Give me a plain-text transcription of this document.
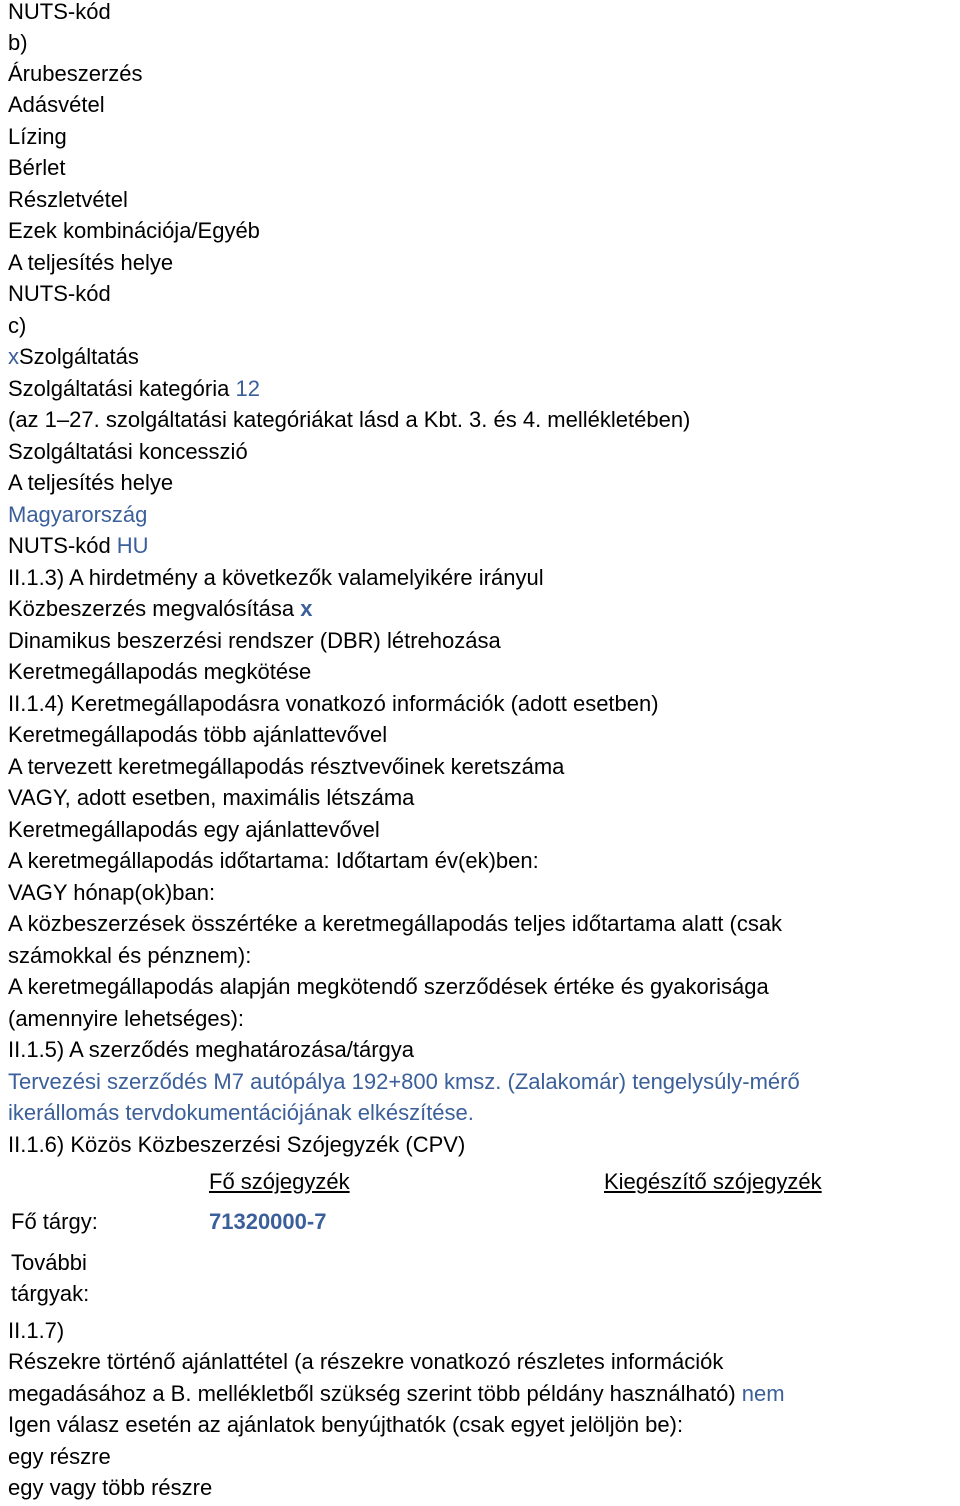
NUTS-kód

b)

Árubeszerzés

Adásvétel

Lízing

Bérlet

Részletvétel

Ezek kombinációja/Egyéb

A teljesítés helye

NUTS-kód

c)

xSzolgáltatás

Szolgáltatási kategória 12

(az 1–27. szolgáltatási kategóriákat lásd a Kbt. 3. és 4. mellékletében)

Szolgáltatási koncesszió

A teljesítés helye

Magyarország

NUTS-kód HU

II.1.3) A hirdetmény a következők valamelyikére irányul

Közbeszerzés megvalósítása x

Dinamikus beszerzési rendszer (DBR) létrehozása

Keretmegállapodás megkötése

II.1.4) Keretmegállapodásra vonatkozó információk (adott esetben)

Keretmegállapodás több ajánlattevővel

A tervezett keretmegállapodás résztvevőinek keretszáma

VAGY, adott esetben, maximális létszáma

Keretmegállapodás egy ajánlattevővel

A keretmegállapodás időtartama: Időtartam év(ek)ben:

VAGY hónap(ok)ban:

A közbeszerzések összértéke a keretmegállapodás teljes időtartama alatt (csak

számokkal és pénznem):

A keretmegállapodás alapján megkötendő szerződések értéke és gyakorisága

(amennyire lehetséges):

II.1.5) A szerződés meghatározása/tárgya

Tervezési szerződés M7 autópálya 192+800 kmsz. (Zalakomár) tengelysúly-mérő

ikerállomás tervdokumentációjának elkészítése.

II.1.6) Közös Közbeszerzési Szójegyzék (CPV)

Fő szójegyzék	Kiegészítő szójegyzék

Fő tárgy:	71320000-7

További

tárgyak:

II.1.7)

Részekre történő ajánlattétel (a részekre vonatkozó részletes információk

megadásához a B. mellékletből szükség szerint több példány használható) nem

Igen válasz esetén az ajánlatok benyújthatók (csak egyet jelöljön be):

egy részre

egy vagy több részre
